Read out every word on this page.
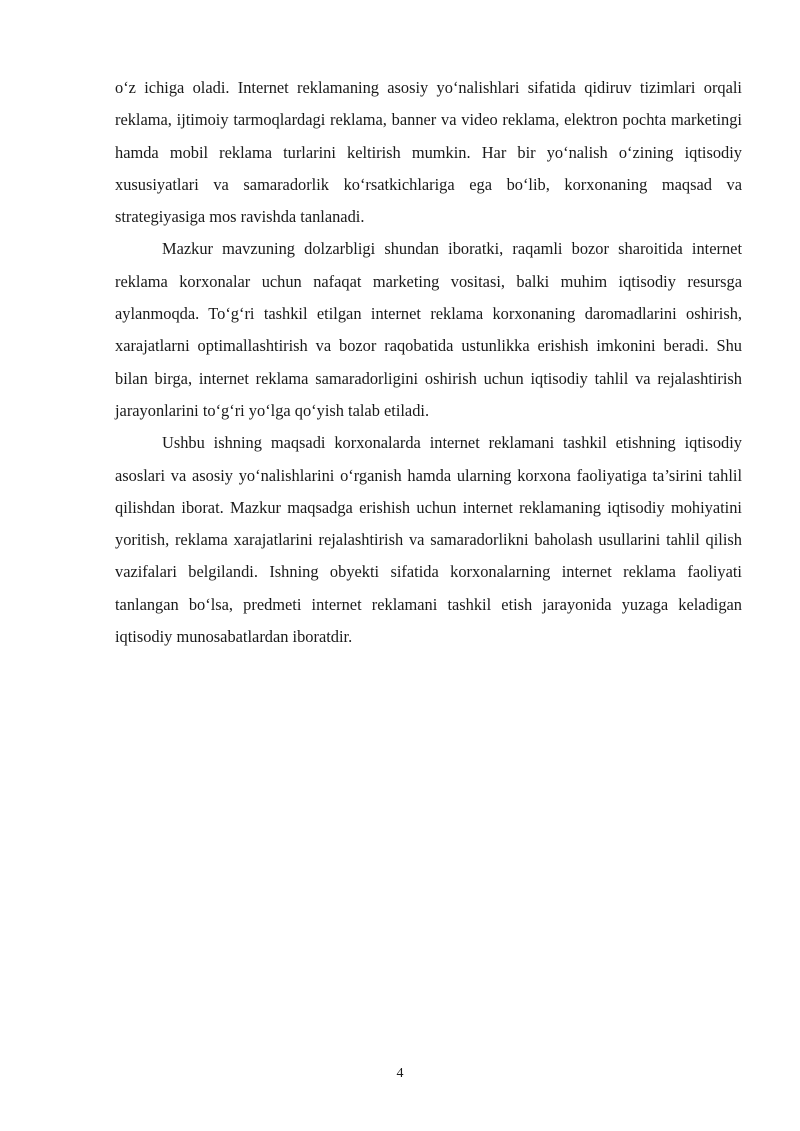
o‘z ichiga oladi. Internet reklamaning asosiy yo‘nalishlari sifatida qidiruv tizimlari orqali reklama, ijtimoiy tarmoqlardagi reklama, banner va video reklama, elektron pochta marketingi hamda mobil reklama turlarini keltirish mumkin. Har bir yo‘nalish o‘zining iqtisodiy xususiyatlari va samaradorlik ko‘rsatkichlariga ega bo‘lib, korxonaning maqsad va strategiyasiga mos ravishda tanlanadi.

Mazkur mavzuning dolzarbligi shundan iboratki, raqamli bozor sharoitida internet reklama korxonalar uchun nafaqat marketing vositasi, balki muhim iqtisodiy resursga aylanmoqda. To‘g‘ri tashkil etilgan internet reklama korxonaning daromadlarini oshirish, xarajatlarni optimallashtirish va bozor raqobatida ustunlikka erishish imkonini beradi. Shu bilan birga, internet reklama samaradorligini oshirish uchun iqtisodiy tahlil va rejalashtirish jarayonlarini to‘g‘ri yo‘lga qo‘yish talab etiladi.

Ushbu ishning maqsadi korxonalarda internet reklamani tashkil etishning iqtisodiy asoslari va asosiy yo‘nalishlarini o‘rganish hamda ularning korxona faoliyatiga ta’sirini tahlil qilishdan iborat. Mazkur maqsadga erishish uchun internet reklamaning iqtisodiy mohiyatini yoritish, reklama xarajatlarini rejalashtirish va samaradorlikni baholash usullarini tahlil qilish vazifalari belgilandi. Ishning obyekti sifatida korxonalarning internet reklama faoliyati tanlangan bo‘lsa, predmeti internet reklamani tashkil etish jarayonida yuzaga keladigan iqtisodiy munosabatlardan iboratdir.

4
